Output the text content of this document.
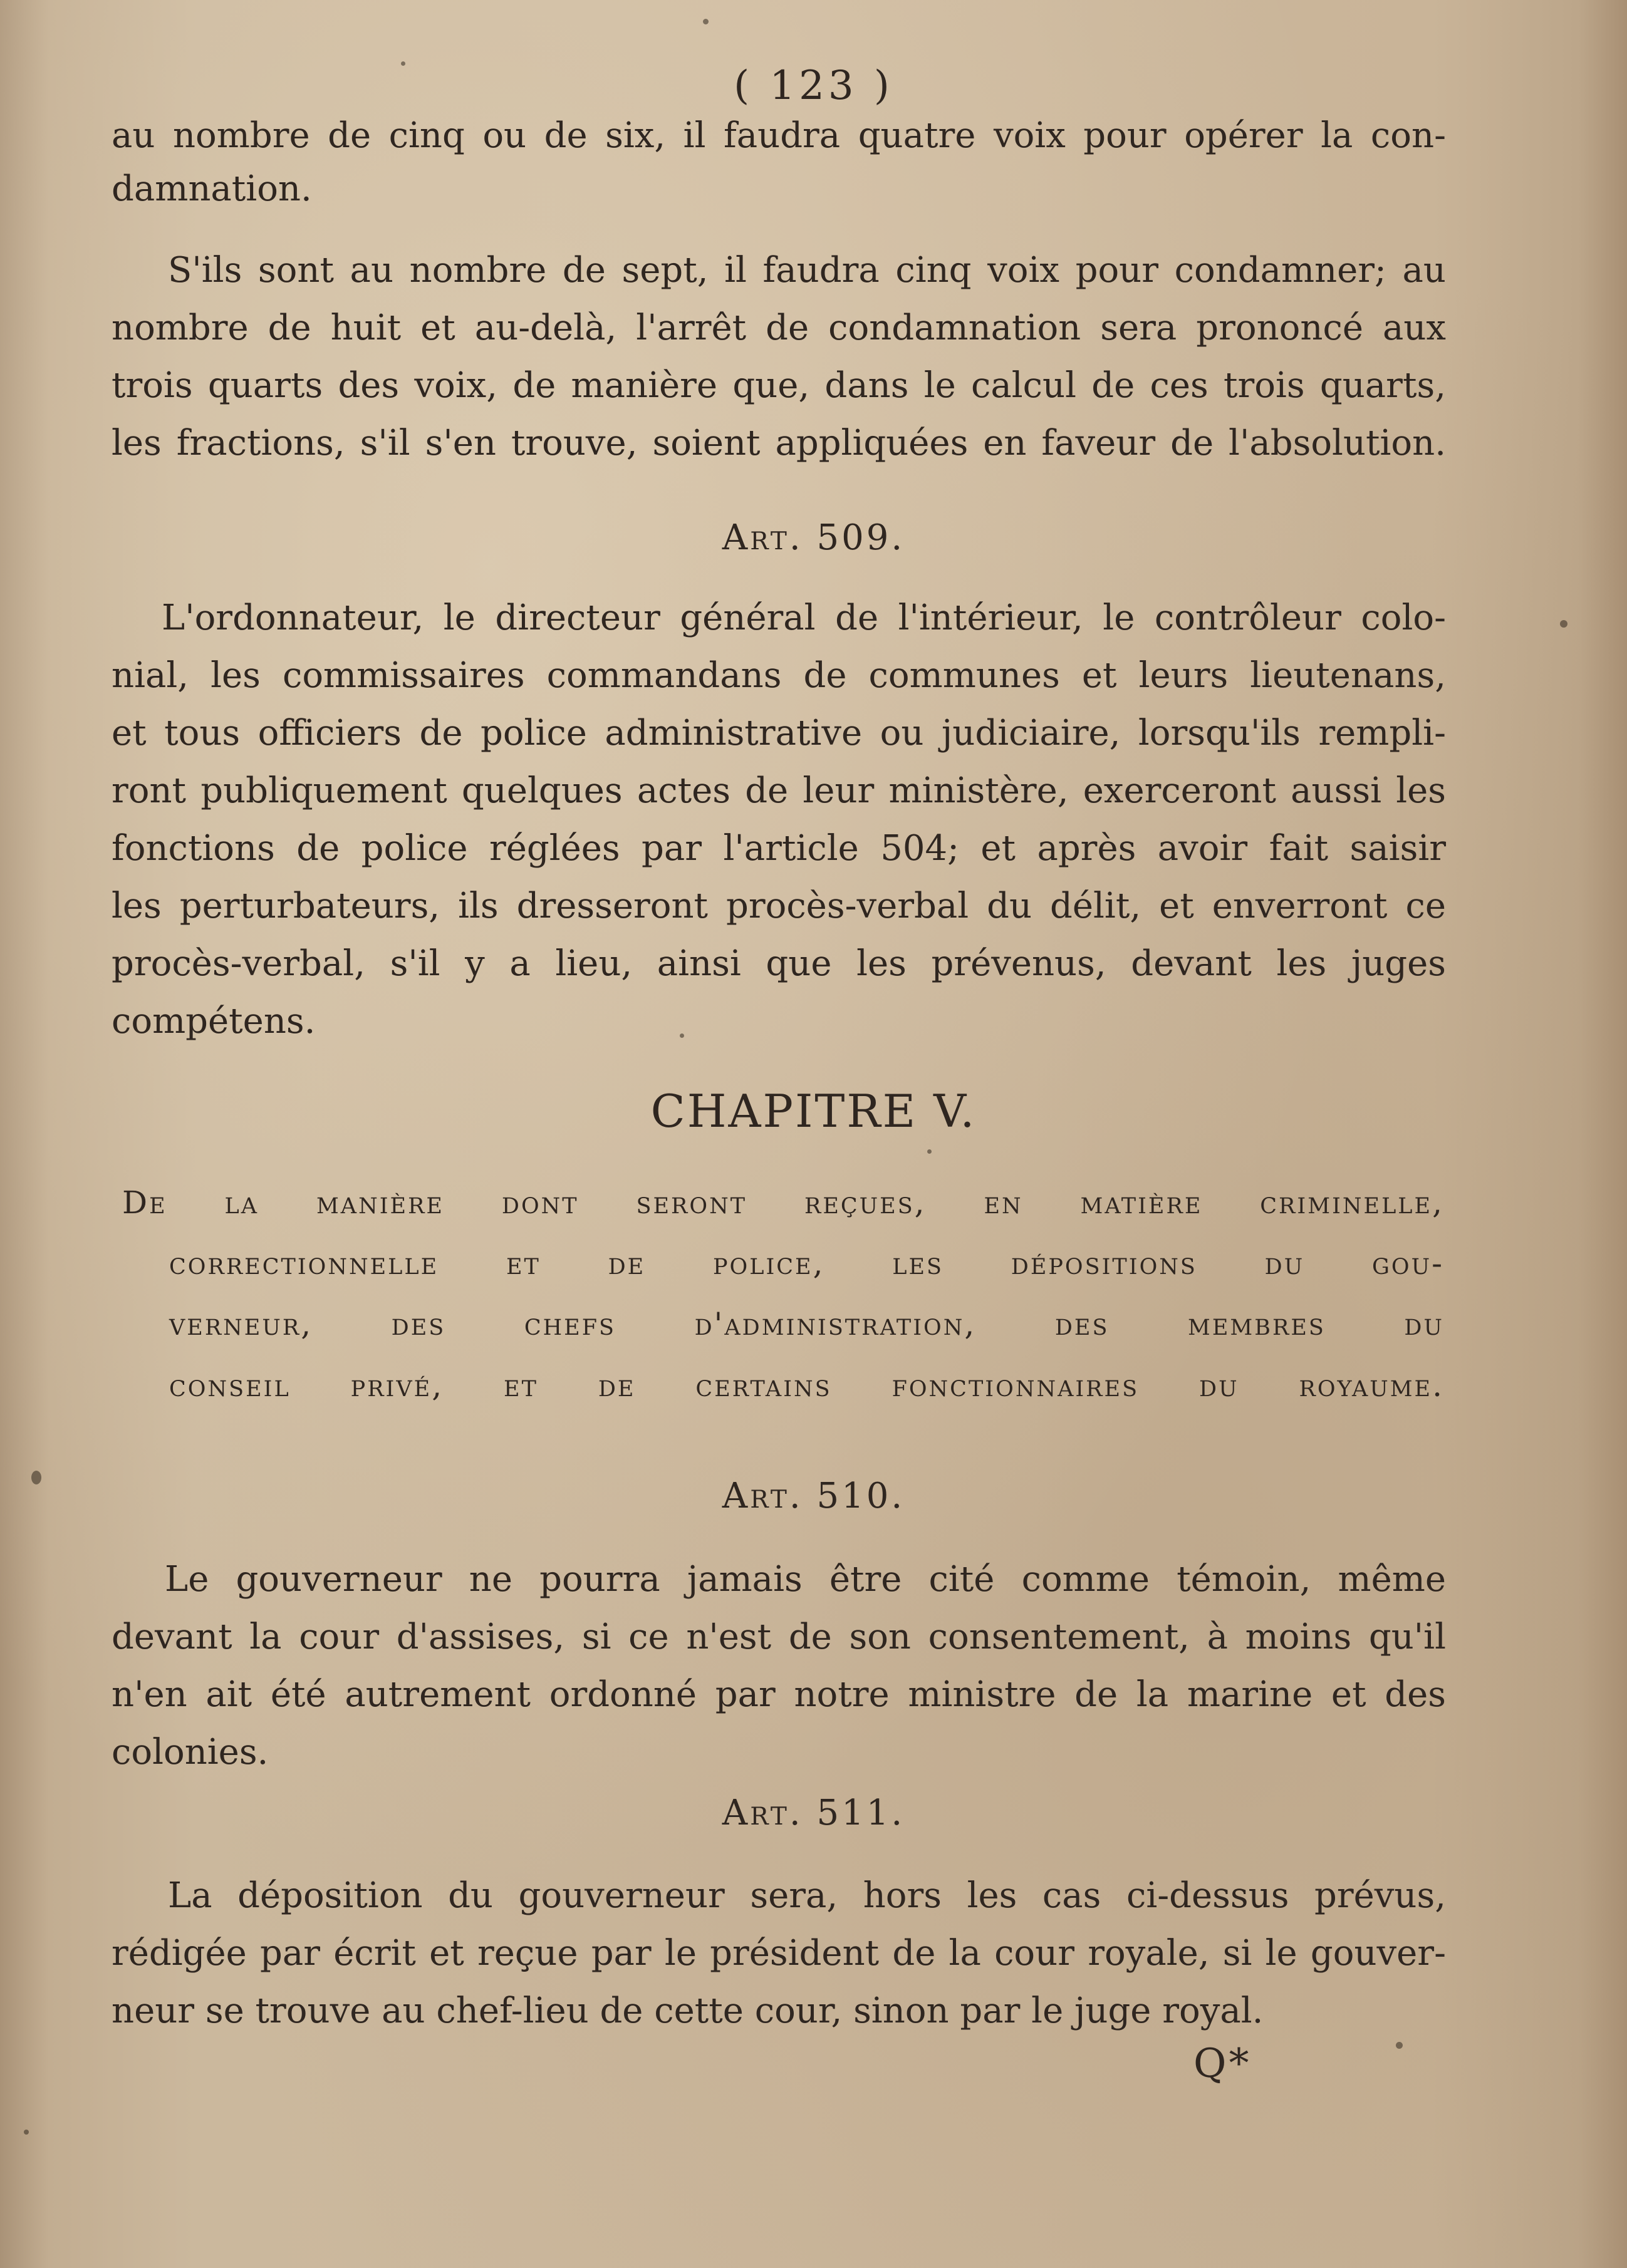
( 123 )
au nombre de cinq ou de six, il faudra quatre voix pour opérer la con-
damnation.
S'ils sont au nombre de sept, il faudra cinq voix pour condamner; au
nombre de huit et au-delà, l'arrêt de condamnation sera prononcé aux
trois quarts des voix, de manière que, dans le calcul de ces trois quarts,
les fractions, s'il s'en trouve, soient appliquées en faveur de l'absolution.
Art. 509.
L'ordonnateur, le directeur général de l'intérieur, le contrôleur colo-
nial, les commissaires commandans de communes et leurs lieutenans,
et tous officiers de police administrative ou judiciaire, lorsqu'ils rempli-
ront publiquement quelques actes de leur ministère, exerceront aussi les
fonctions de police réglées par l'article 504; et après avoir fait saisir
les perturbateurs, ils dresseront procès-verbal du délit, et enverront ce
procès-verbal, s'il y a lieu, ainsi que les prévenus, devant les juges
compétens.
CHAPITRE V.
De la manière dont seront reçues, en matière criminelle,
correctionnelle et de police, les dépositions du gou-
verneur, des chefs d'administration, des membres du
conseil privé, et de certains fonctionnaires du royaume.
Art. 510.
Le gouverneur ne pourra jamais être cité comme témoin, même
devant la cour d'assises, si ce n'est de son consentement, à moins qu'il
n'en ait été autrement ordonné par notre ministre de la marine et des
colonies.
Art. 511.
La déposition du gouverneur sera, hors les cas ci-dessus prévus,
rédigée par écrit et reçue par le président de la cour royale, si le gouver-
neur se trouve au chef-lieu de cette cour, sinon par le juge royal.
Q*
